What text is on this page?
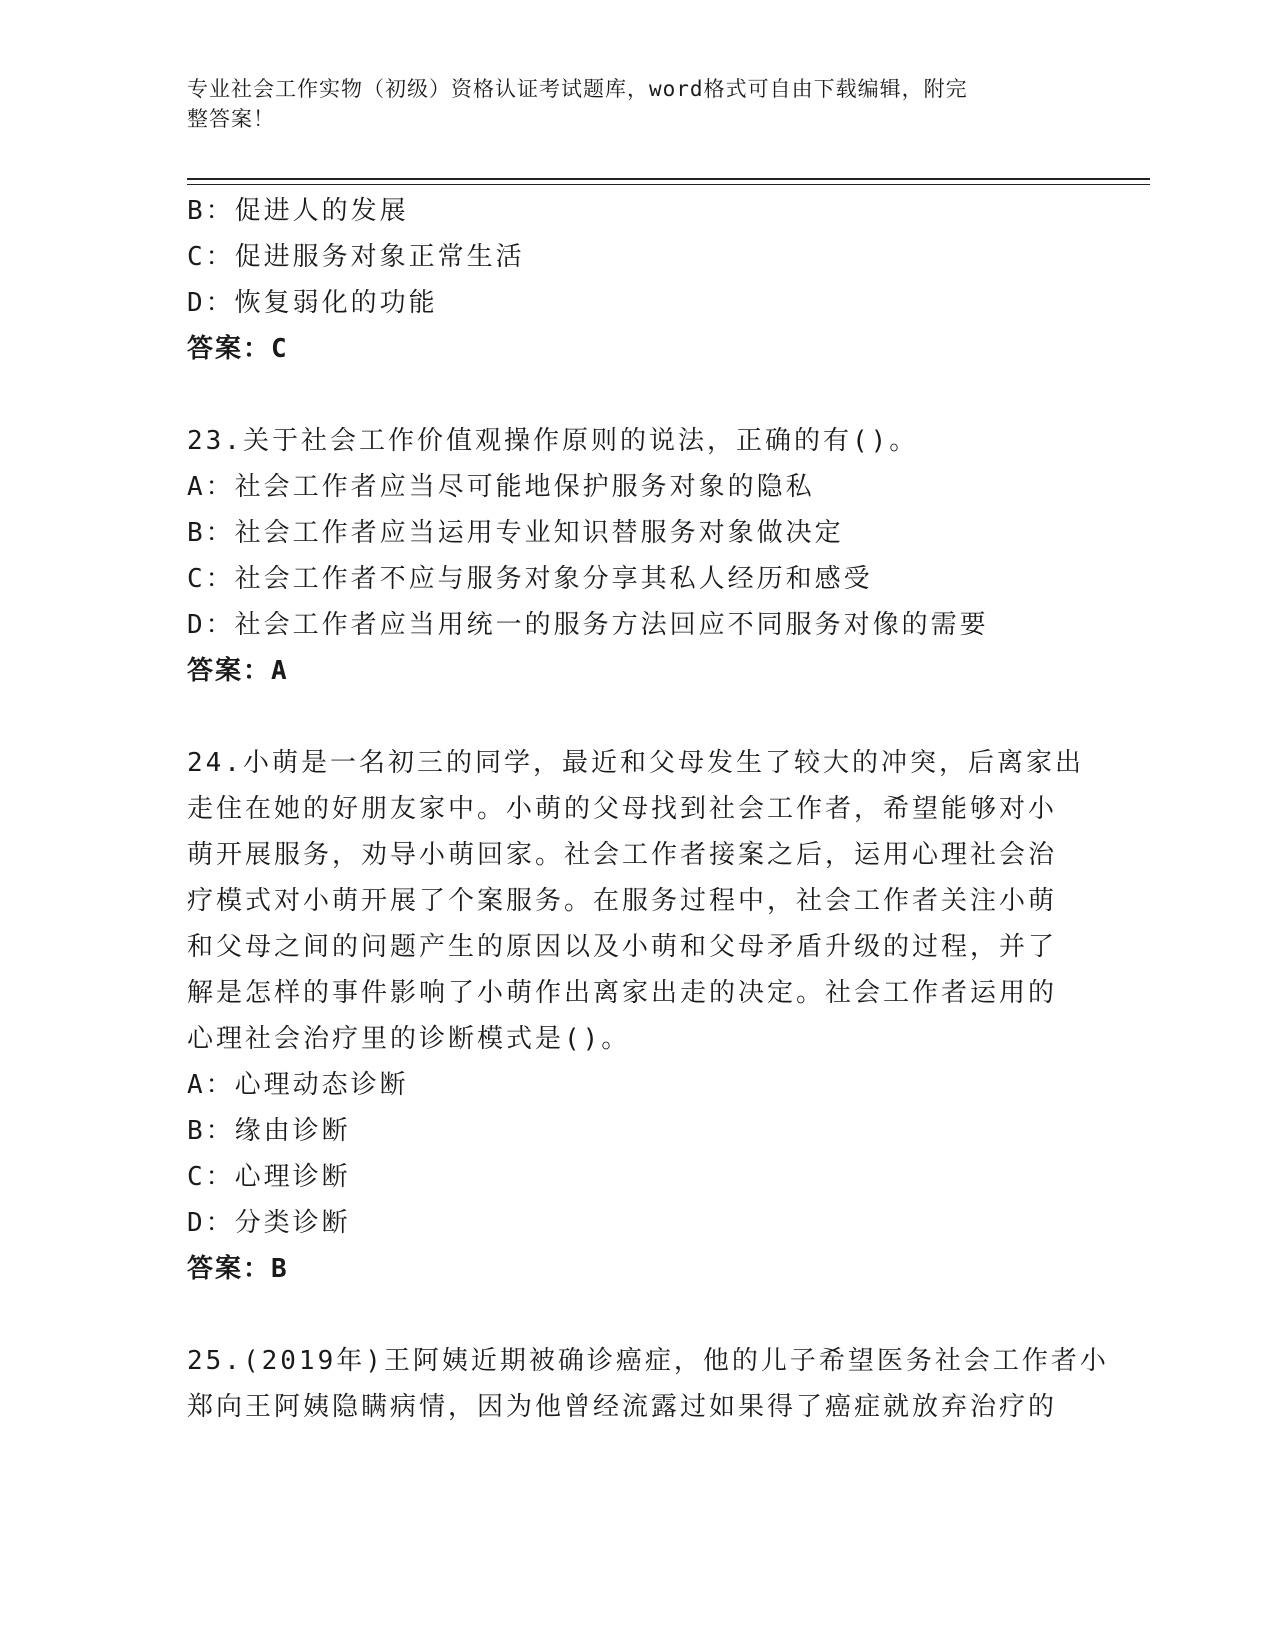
专业社会工作实物（初级）资格认证考试题库，word格式可自由下载编辑，附完
整答案！
B：促进人的发展
C：促进服务对象正常生活
D：恢复弱化的功能
答案：C
23.关于社会工作价值观操作原则的说法，正确的有()。
A：社会工作者应当尽可能地保护服务对象的隐私
B：社会工作者应当运用专业知识替服务对象做决定
C：社会工作者不应与服务对象分享其私人经历和感受
D：社会工作者应当用统一的服务方法回应不同服务对像的需要
答案：A
24.小萌是一名初三的同学，最近和父母发生了较大的冲突，后离家出
走住在她的好朋友家中。小萌的父母找到社会工作者，希望能够对小
萌开展服务，劝导小萌回家。社会工作者接案之后，运用心理社会治
疗模式对小萌开展了个案服务。在服务过程中，社会工作者关注小萌
和父母之间的问题产生的原因以及小萌和父母矛盾升级的过程，并了
解是怎样的事件影响了小萌作出离家出走的决定。社会工作者运用的
心理社会治疗里的诊断模式是()。
A：心理动态诊断
B：缘由诊断
C：心理诊断
D：分类诊断
答案：B
25.(2019年)王阿姨近期被确诊癌症，他的儿子希望医务社会工作者小
郑向王阿姨隐瞒病情，因为他曾经流露过如果得了癌症就放弃治疗的
